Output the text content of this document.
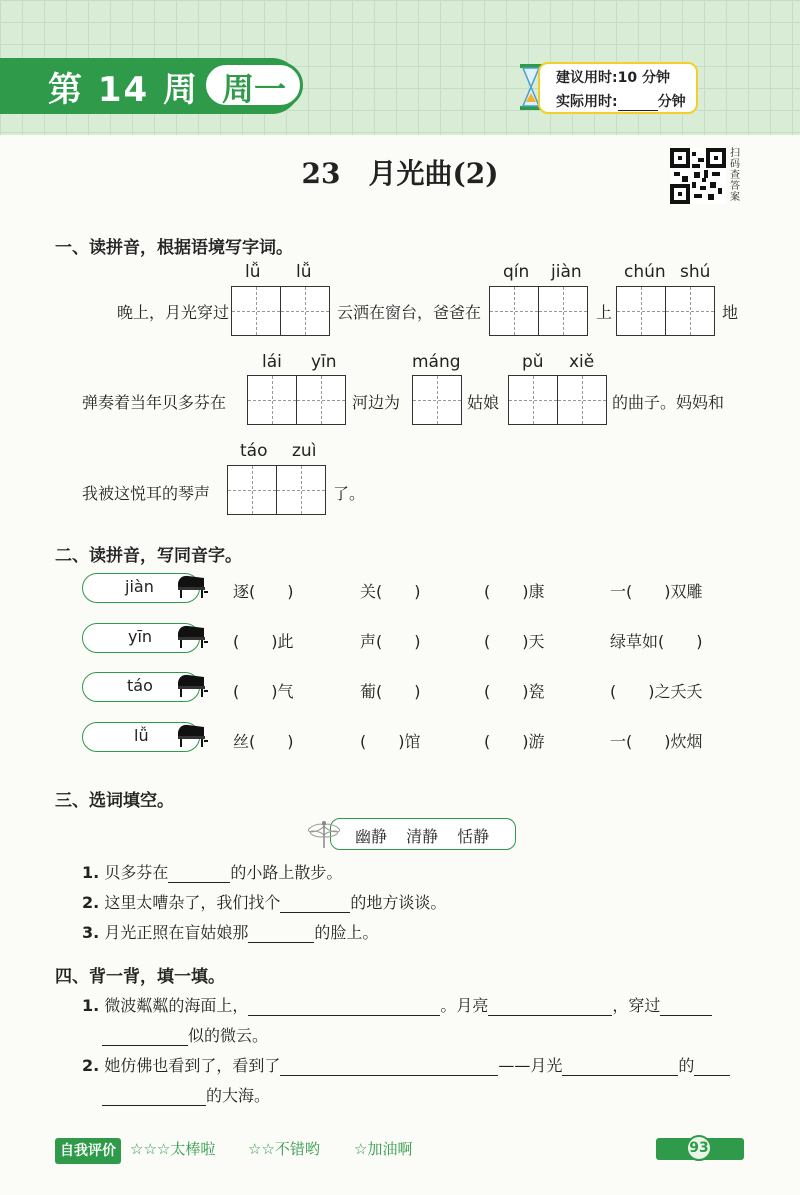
第 14 周 周一	建议用时:10 分钟
实际用时:	分钟
23　月光曲(2)
扫码查答案
一、读拼音，根据语境写字词。
lǚ lǚ
晚上，月光穿过	云洒在窗台，爸爸在
qín jiàn
上
chún shú
地
lái yīn
弹奏着当年贝多芬在	河边为
máng
姑娘
pǔ xiě
的曲子。妈妈和
táo zuì
我被这悦耳的琴声	了。
二、读拼音，写同音字。
jiàn	逐(　　)	关(　　)	(　　)康	一(　　)双雕
yīn	(　　)此	声(　　)	(　　)天	绿草如(　　)
táo	(　　)气	葡(　　)	(　　)瓷	(　　)之夭夭
lǚ	丝(　　)	(　　)馆	(　　)游	一(　　)炊烟
三、选词填空。
幽静 清静 恬静
1. 贝多芬在	的小路上散步。
2. 这里太嘈杂了，我们找个	的地方谈谈。
3. 月光正照在盲姑娘那	的脸上。
四、背一背，填一填。
1. 微波粼粼的海面上，	。月亮	，穿过
似的微云。
2. 她仿佛也看到了，看到了	——月光	的
的大海。
自我评价 ☆☆☆太棒啦 ☆☆不错哟 ☆加油啊	93
